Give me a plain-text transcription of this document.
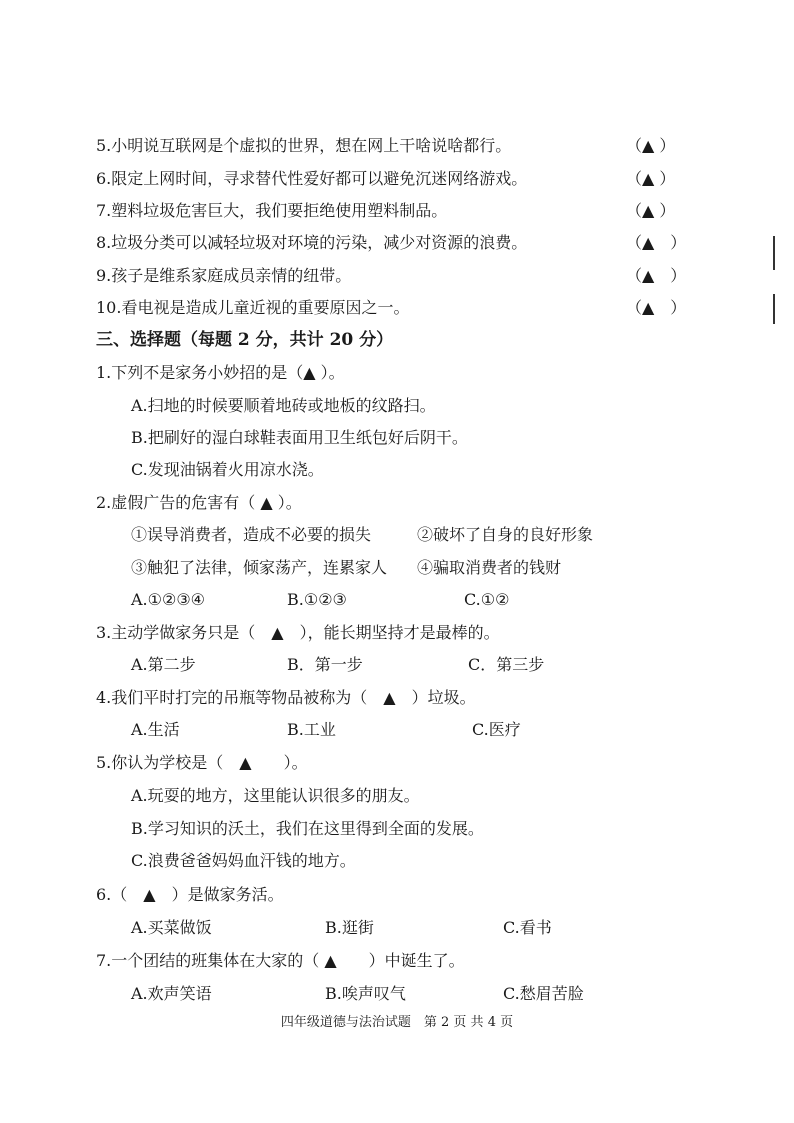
5.小明说互联网是个虚拟的世界，想在网上干啥说啥都行。	（▲ ）
6.限定上网时间，寻求替代性爱好都可以避免沉迷网络游戏。	（▲ ）
7.塑料垃圾危害巨大，我们要拒绝使用塑料制品。	（▲ ）
8.垃圾分类可以减轻垃圾对环境的污染，减少对资源的浪费。	（▲　）
9.孩子是维系家庭成员亲情的纽带。	（▲　）
10.看电视是造成儿童近视的重要原因之一。	（▲　）
三、选择题（每题 2 分，共计 20 分）
1.下列不是家务小妙招的是（▲ ）。
A.扫地的时候要顺着地砖或地板的纹路扫。
B.把刷好的湿白球鞋表面用卫生纸包好后阴干。
C.发现油锅着火用凉水浇。
2.虚假广告的危害有（ ▲ ）。
①误导消费者，造成不必要的损失	②破坏了自身的良好形象
③触犯了法律，倾家荡产，连累家人 ④骗取消费者的钱财
A.①②③④	B.①②③	C.①②
3.主动学做家务只是（　▲　），能长期坚持才是最棒的。
A.第二步	B．第一步	C．第三步
4.我们平时打完的吊瓶等物品被称为（　▲　）垃圾。
A.生活	B.工业	C.医疗
5.你认为学校是（　▲　　）。
A.玩耍的地方，这里能认识很多的朋友。
B.学习知识的沃土，我们在这里得到全面的发展。
C.浪费爸爸妈妈血汗钱的地方。
6.（　▲　）是做家务活。
A.买菜做饭	B.逛街	C.看书
7.一个团结的班集体在大家的（ ▲　　）中诞生了。
A.欢声笑语	B.唉声叹气	C.愁眉苦脸
四年级道德与法治试题　第 2 页 共 4 页
